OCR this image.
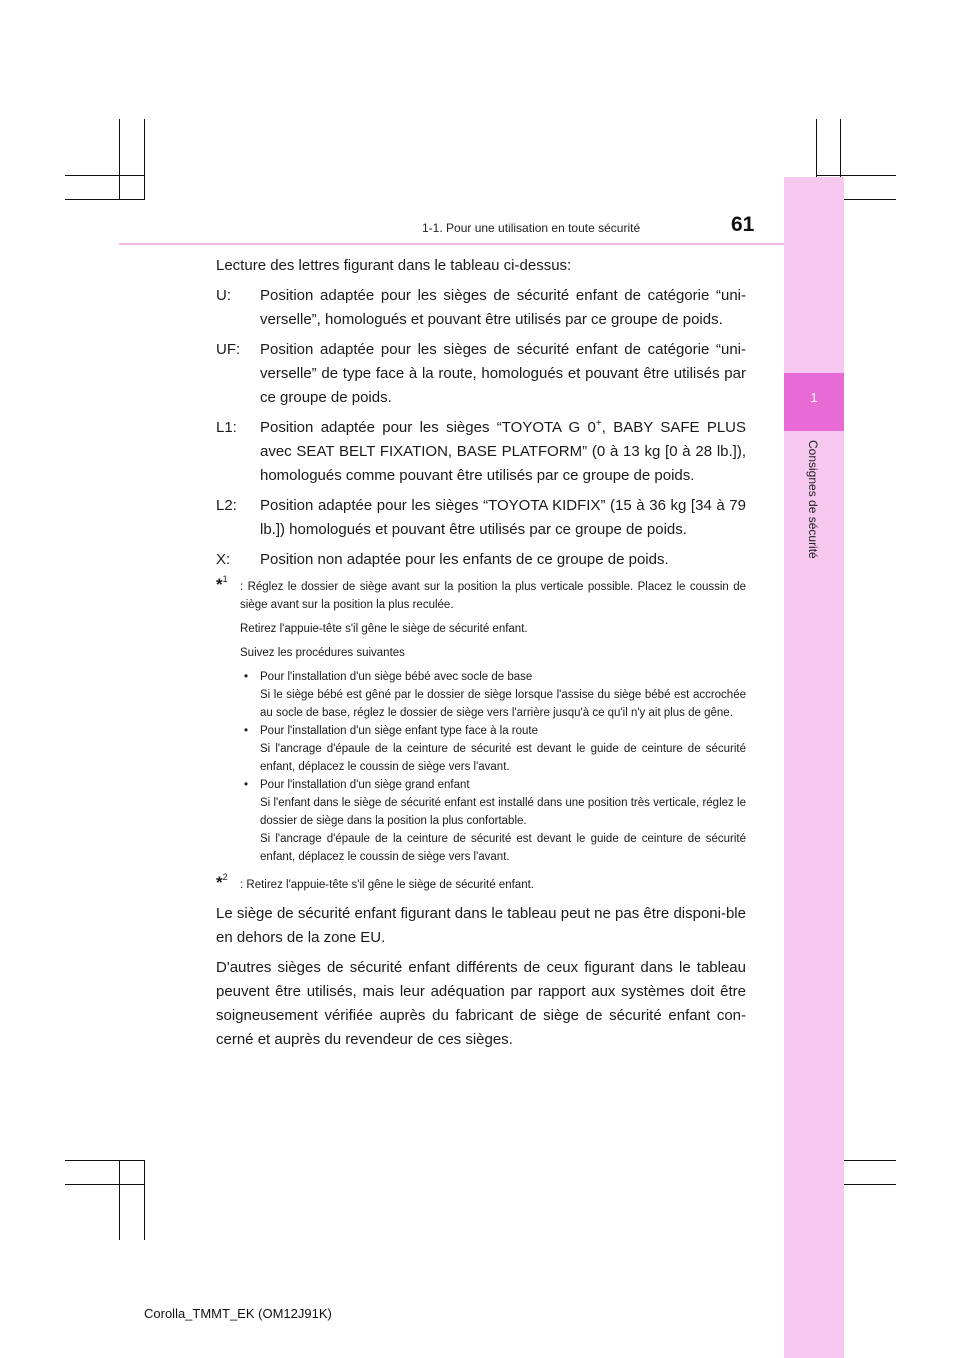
1
Consignes de sécurité
1-1. Pour une utilisation en toute sécurité	61

Lecture des lettres figurant dans le tableau ci-dessus:

U: Position adaptée pour les sièges de sécurité enfant de catégorie “uni-verselle”, homologués et pouvant être utilisés par ce groupe de poids.
UF: Position adaptée pour les sièges de sécurité enfant de catégorie “uni-verselle” de type face à la route, homologués et pouvant être utilisés par ce groupe de poids.
L1: Position adaptée pour les sièges “TOYOTA G 0+, BABY SAFE PLUS avec SEAT BELT FIXATION, BASE PLATFORM” (0 à 13 kg [0 à 28 lb.]), homologués comme pouvant être utilisés par ce groupe de poids.
L2: Position adaptée pour les sièges “TOYOTA KIDFIX” (15 à 36 kg [34 à 79 lb.]) homologués et pouvant être utilisés par ce groupe de poids.
X: Position non adaptée pour les enfants de ce groupe de poids.
*$^1$
: Réglez le dossier de siège avant sur la position la plus verticale possible. Placez le coussin de siège avant sur la position la plus reculée.

Retirez l'appuie-tête s'il gêne le siège de sécurité enfant.

Suivez les procédures suivantes

• Pour l'installation d'un siège bébé avec socle de base
Si le siège bébé est gêné par le dossier de siège lorsque l'assise du siège bébé est accrochée au socle de base, réglez le dossier de siège vers l'arrière jusqu'à ce qu'il n'y ait plus de gêne.
• Pour l'installation d'un siège enfant type face à la route
Si l'ancrage d'épaule de la ceinture de sécurité est devant le guide de ceinture de sécurité enfant, déplacez le coussin de siège vers l'avant.
• Pour l'installation d'un siège grand enfant
Si l'enfant dans le siège de sécurité enfant est installé dans une position très verticale, réglez le dossier de siège dans la position la plus confortable.
Si l'ancrage d'épaule de la ceinture de sécurité est devant le guide de ceinture de sécurité enfant, déplacez le coussin de siège vers l'avant.
*$^2$
: Retirez l'appuie-tête s'il gêne le siège de sécurité enfant.

Le siège de sécurité enfant figurant dans le tableau peut ne pas être disponi-ble en dehors de la zone EU.

D'autres sièges de sécurité enfant différents de ceux figurant dans le tableau peuvent être utilisés, mais leur adéquation par rapport aux systèmes doit être soigneusement vérifiée auprès du fabricant de siège de sécurité enfant con-cerné et auprès du revendeur de ces sièges.

Corolla_TMMT_EK (OM12J91K)
